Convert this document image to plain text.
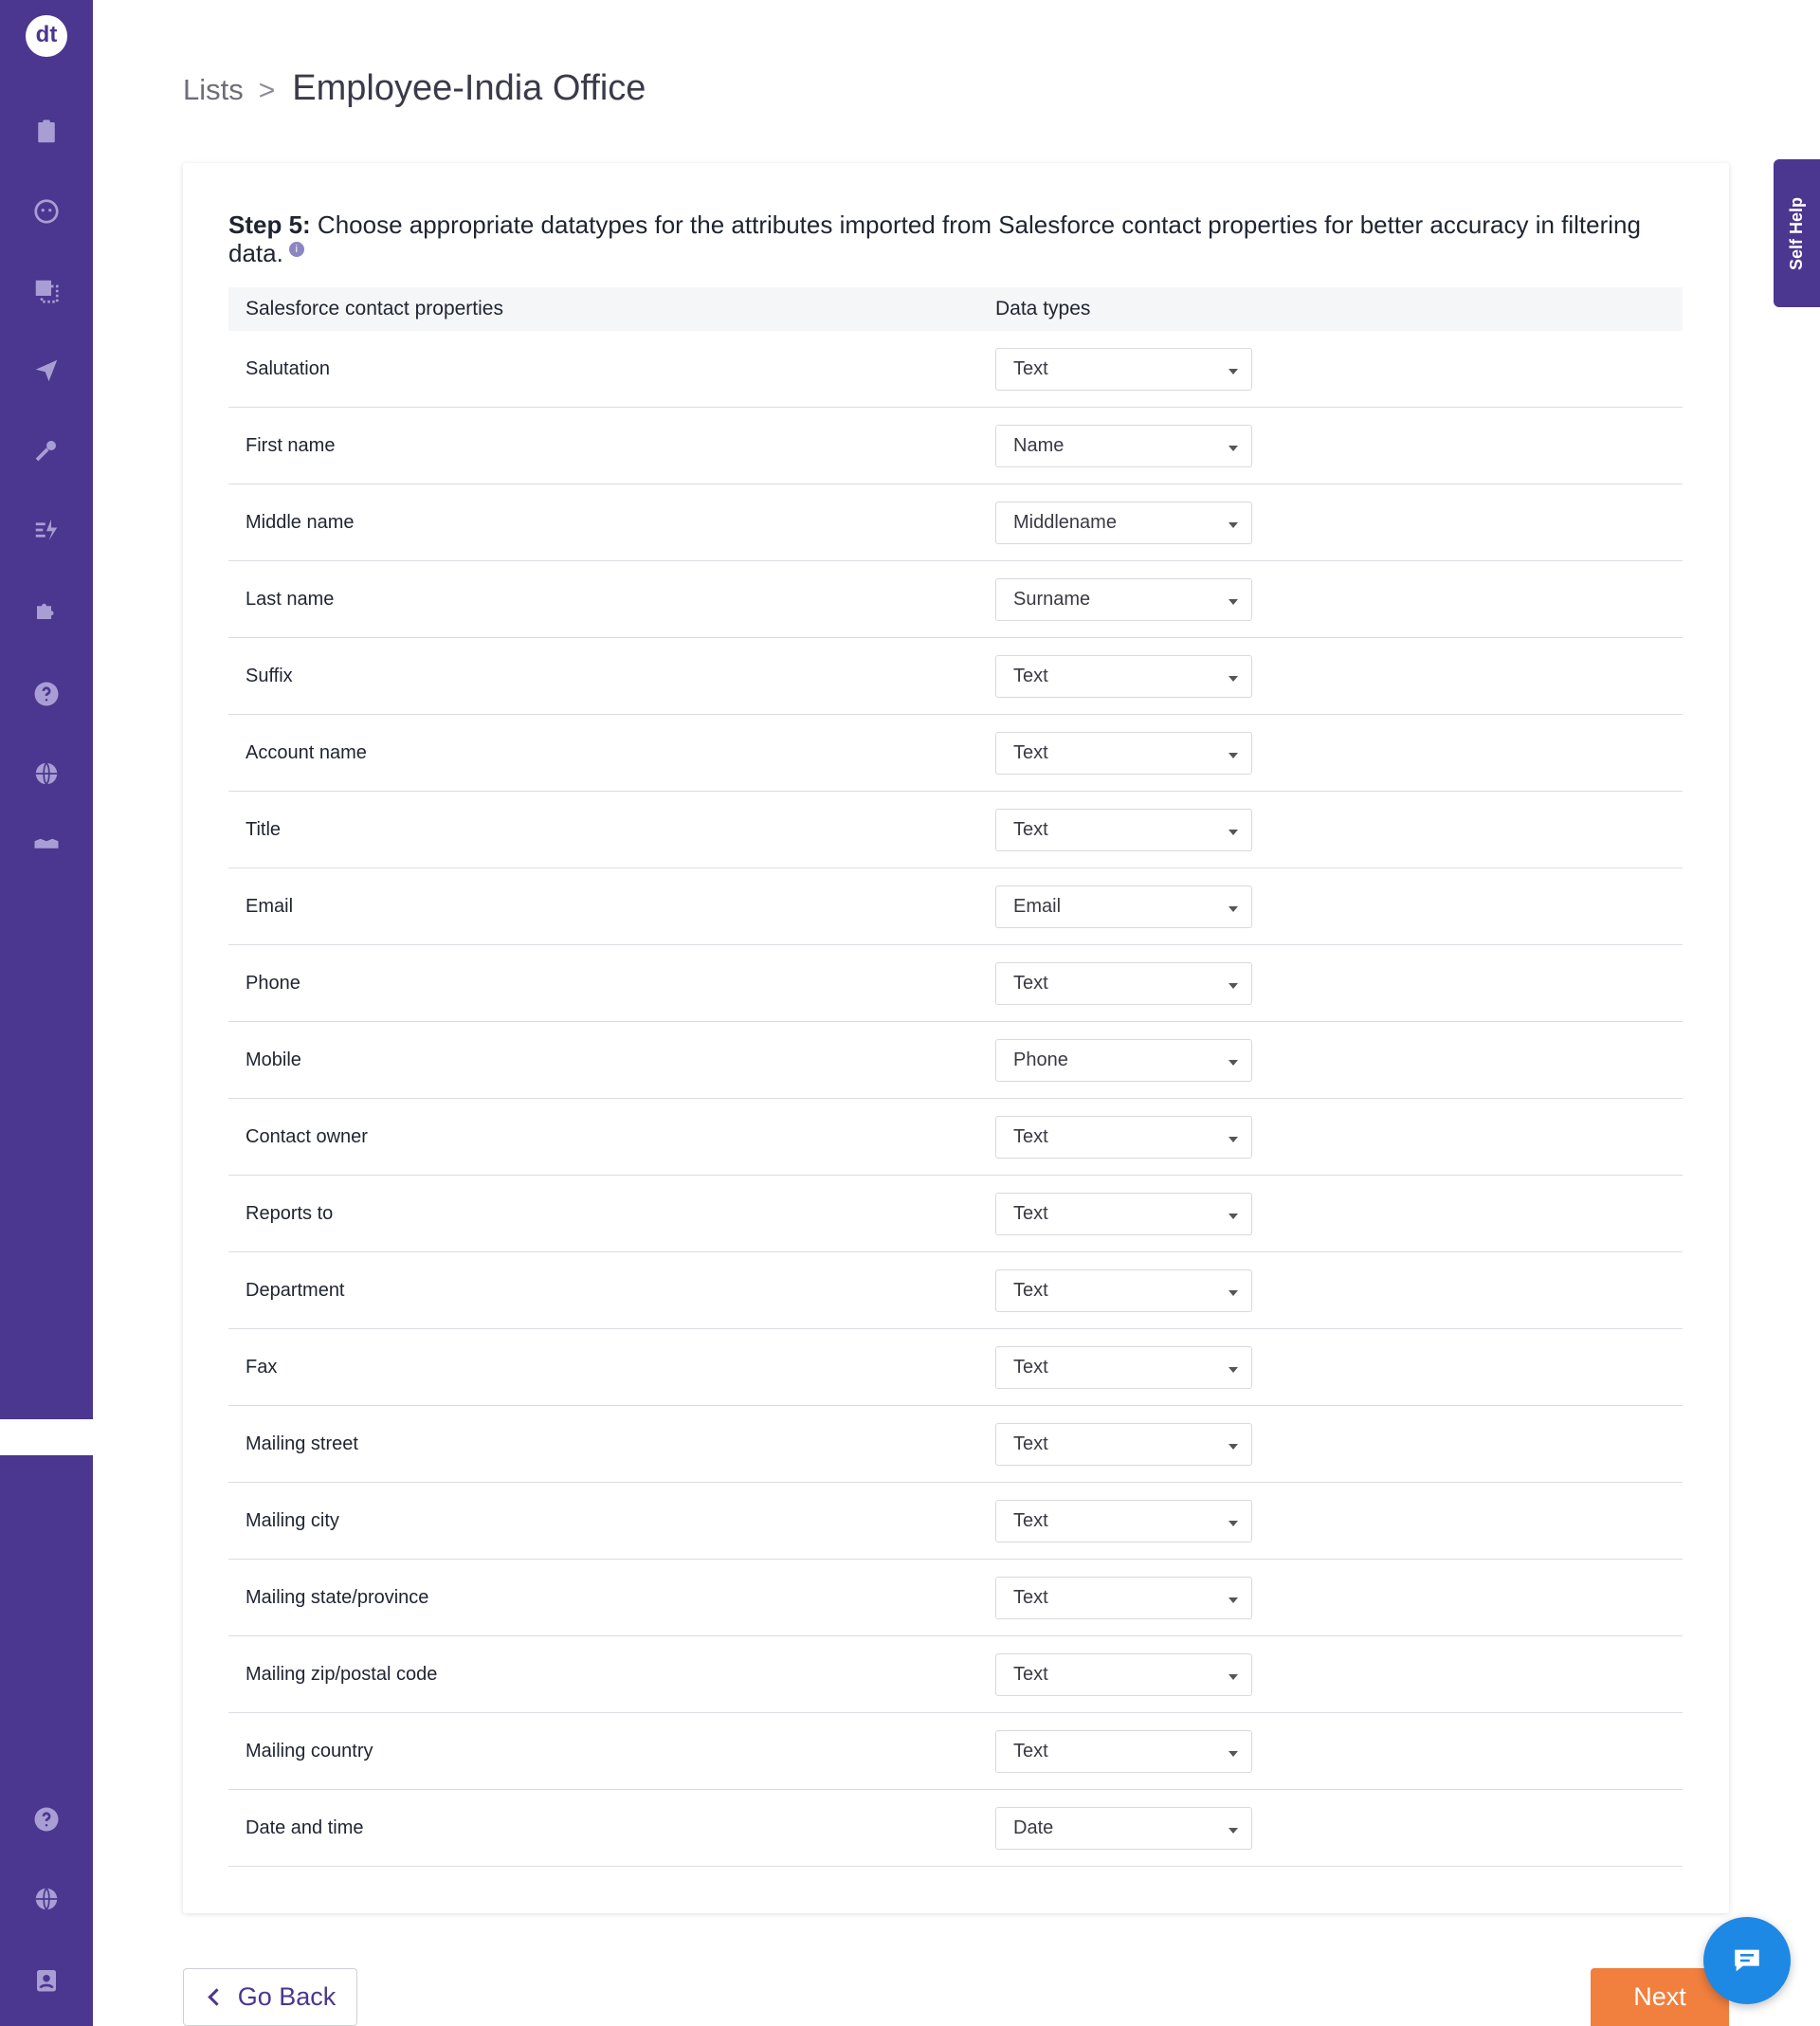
dt
Lists > Employee-India Office
Step 5: Choose appropriate datatypes for the attributes imported from Salesforce contact properties for better accuracy in filtering data. i
Salesforce contact properties	Data types
Salutation	Text
First name	Name
Middle name	Middlename
Last name	Surname
Suffix	Text
Account name	Text
Title	Text
Email	Email
Phone	Text
Mobile	Phone
Contact owner	Text
Reports to	Text
Department	Text
Fax	Text
Mailing street	Text
Mailing city	Text
Mailing state/province	Text
Mailing zip/postal code	Text
Mailing country	Text
Date and time	Date
Self Help
Go Back	Next
